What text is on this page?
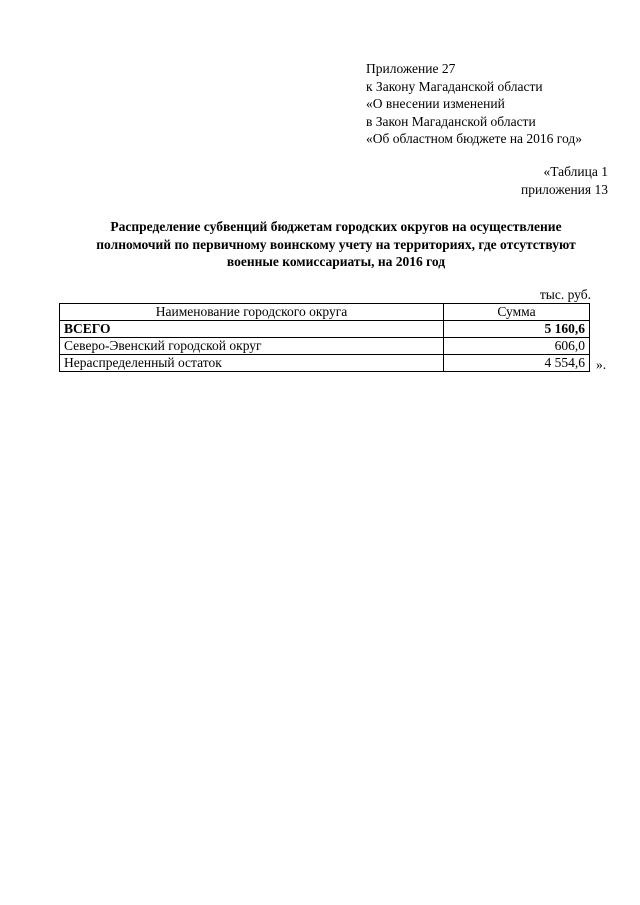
Приложение 27
к Закону Магаданской области
«О внесении изменений
в Закон Магаданской области
«Об областном бюджете на 2016 год»
«Таблица 1
приложения 13
Распределение субвенций бюджетам городских округов на осуществление
полномочий по первичному воинскому учету на территориях, где отсутствуют
военные комиссариаты, на 2016 год
тыс. руб.
Наименование городского округа	Сумма
ВСЕГО	5 160,6
Северо-Эвенский городской округ	606,0
Нераспределенный остаток	4 554,6 ».
